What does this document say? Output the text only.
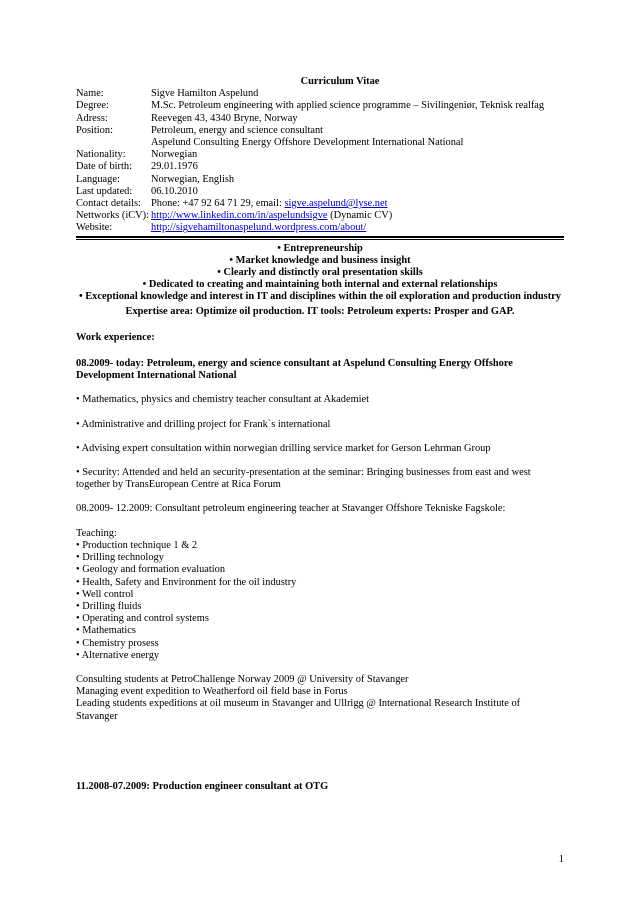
Curriculum Vitae
Name:	Sigve Hamilton Aspelund
Degree:	M.Sc. Petroleum engineering with applied science programme – Sivilingeniør, Teknisk realfag
Adress:	Reevegen 43, 4340 Bryne, Norway
Position:	Petroleum, energy and science consultant
	Aspelund Consulting Energy Offshore Development International National
Nationality:	Norwegian
Date of birth:	29.01.1976
Language:	Norwegian, English
Last updated:	06.10.2010
Contact details:	Phone: +47 92 64 71 29, email: sigve.aspelund@lyse.net
Nettworks (iCV):	http://www.linkedin.com/in/aspelundsigve (Dynamic CV)
Website:	http://sigvehamiltonaspelund.wordpress.com/about/
• Entrepreneurship
• Market knowledge and business insight
• Clearly and distinctly oral presentation skills
• Dedicated to creating and maintaining both internal and external relationships
• Exceptional knowledge and interest in IT and disciplines within the oil exploration and production industry
Expertise area: Optimize oil production. IT tools: Petroleum experts: Prosper and GAP.
Work experience:
08.2009- today: Petroleum, energy and science consultant at Aspelund Consulting Energy Offshore Development International National
• Mathematics, physics and chemistry teacher consultant at Akademiet
• Administrative and drilling project for Frank`s international
• Advising expert consultation within norwegian drilling service market for Gerson Lehrman Group
• Security: Attended and held an security-presentation at the seminar: Bringing businesses from east and west together by TransEuropean Centre at Rica Forum
08.2009- 12.2009: Consultant petroleum engineering teacher at Stavanger Offshore Tekniske Fagskole:
Teaching:
• Production technique 1 & 2
• Drilling technology
• Geology and formation evaluation
• Health, Safety and Environment for the oil industry
• Well control
• Drilling fluids
• Operating and control systems
• Mathematics
• Chemistry prosess
• Alternative energy
Consulting students at PetroChallenge Norway 2009 @ University of Stavanger
Managing event expedition to Weatherford oil field base in Forus
Leading students expeditions at oil museum in Stavanger and Ullrigg @ International Research Institute of Stavanger
11.2008-07.2009: Production engineer consultant at OTG
1
